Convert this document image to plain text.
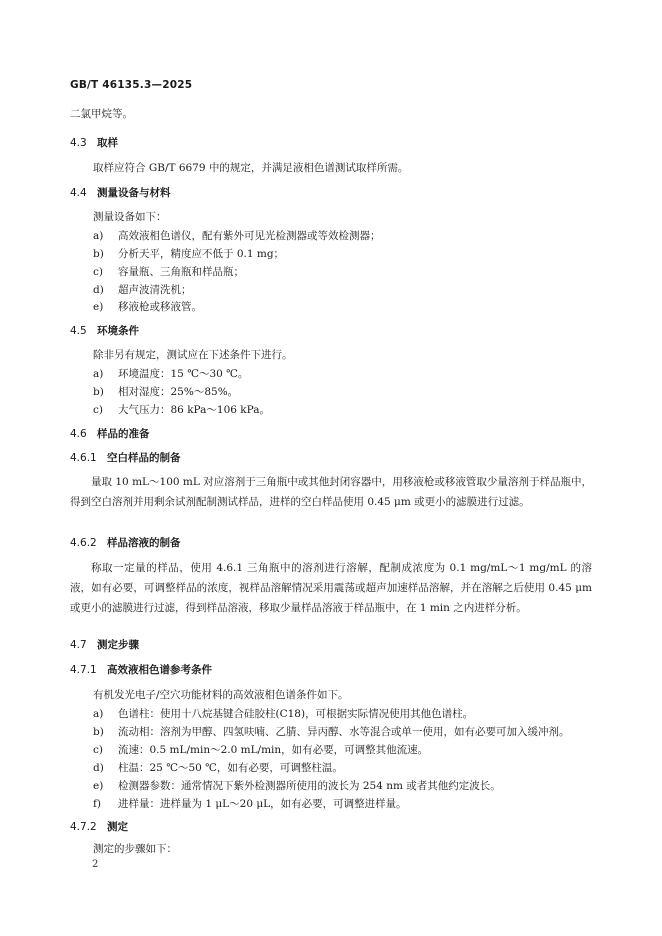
GB/T 46135.3—2025
二氯甲烷等。
4.3 取样
取样应符合 GB/T 6679 中的规定，并满足液相色谱测试取样所需。
4.4 测量设备与材料
测量设备如下：
a) 高效液相色谱仪，配有紫外可见光检测器或等效检测器；
b) 分析天平，精度应不低于 0.1 mg；
c) 容量瓶、三角瓶和样品瓶；
d) 超声波清洗机；
e) 移液枪或移液管。
4.5 环境条件
除非另有规定，测试应在下述条件下进行。
a) 环境温度：15 ℃～30 ℃。
b) 相对湿度：25%～85%。
c) 大气压力：86 kPa～106 kPa。
4.6 样品的准备
4.6.1 空白样品的制备
量取 10 mL～100 mL 对应溶剂于三角瓶中或其他封闭容器中，用移液枪或移液管取少量溶剂于样品瓶中，得到空白溶剂并用剩余试剂配制测试样品，进样的空白样品使用 0.45 μm 或更小的滤膜进行过滤。
4.6.2 样品溶液的制备
称取一定量的样品，使用 4.6.1 三角瓶中的溶剂进行溶解，配制成浓度为 0.1 mg/mL～1 mg/mL 的溶液，如有必要，可调整样品的浓度，视样品溶解情况采用震荡或超声加速样品溶解，并在溶解之后使用 0.45 μm 或更小的滤膜进行过滤，得到样品溶液，移取少量样品溶液于样品瓶中，在 1 min 之内进样分析。
4.7 测定步骤
4.7.1 高效液相色谱参考条件
有机发光电子/空穴功能材料的高效液相色谱条件如下。
a) 色谱柱：使用十八烷基键合硅胶柱(C18)，可根据实际情况使用其他色谱柱。
b) 流动相：溶剂为甲醇、四氢呋喃、乙腈、异丙醇、水等混合或单一使用，如有必要可加入缓冲剂。
c) 流速：0.5 mL/min～2.0 mL/min，如有必要，可调整其他流速。
d) 柱温：25 ℃～50 ℃，如有必要，可调整柱温。
e) 检测器参数：通常情况下紫外检测器所使用的波长为 254 nm 或者其他约定波长。
f) 进样量：进样量为 1 μL～20 μL，如有必要，可调整进样量。
4.7.2 测定
测定的步骤如下：
2
